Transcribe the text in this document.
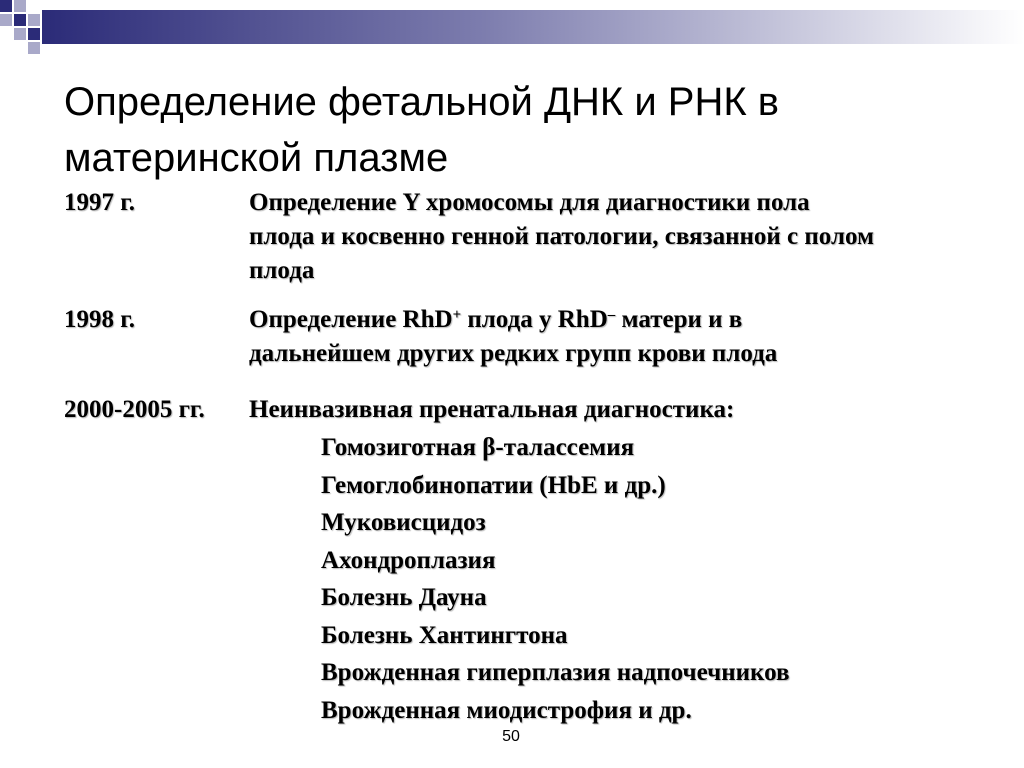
Определение фетальной ДНК и РНК в
материнской плазме
1997 г.	Определение Y хромосомы для диагностики пола
плода и косвенно генной патологии, связанной с полом
плода
1998 г.	Определение RhD+ плода у RhD– матери и в
дальнейшем других редких групп крови плода
2000-2005 гг. Неинвазивная пренатальная диагностика:
Гомозиготная β-талассемия
Гемоглобинопатии (HbE и др.)
Муковисцидоз
Ахондроплазия
Болезнь Дауна
Болезнь Хантингтона
Врожденная гиперплазия надпочечников
Врожденная миодистрофия и др.
50
